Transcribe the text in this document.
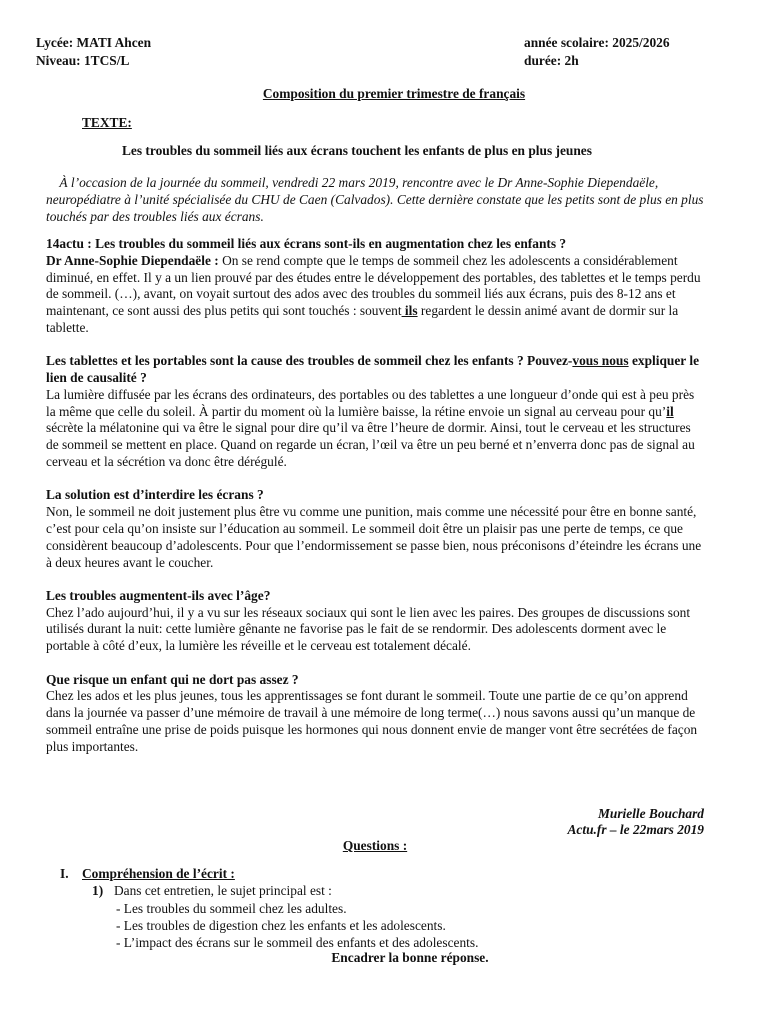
Lycée: MATI Ahcen
Niveau: 1TCS/L
année scolaire: 2025/2026
durée: 2h
Composition du premier trimestre de français
TEXTE:
Les troubles du sommeil liés aux écrans touchent les enfants de plus en plus jeunes
À l’occasion de la journée du sommeil, vendredi 22 mars 2019, rencontre avec le Dr Anne-Sophie Diependaële, neuropédiatre à l’unité spécialisée du CHU de Caen (Calvados). Cette dernière constate que les petits sont de plus en plus touchés par des troubles liés aux écrans.
14actu : Les troubles du sommeil liés aux écrans sont-ils en augmentation chez les enfants ?
Dr Anne-Sophie Diependaële : On se rend compte que le temps de sommeil chez les adolescents a considérablement diminué, en effet. Il y a un lien prouvé par des études entre le développement des portables, des tablettes et le temps perdu de sommeil. (…), avant, on voyait surtout des ados avec des troubles du sommeil liés aux écrans, puis des 8-12 ans et maintenant, ce sont aussi des plus petits qui sont touchés : souvent ils regardent le dessin animé avant de dormir sur la tablette.
Les tablettes et les portables sont la cause des troubles de sommeil chez les enfants ? Pouvez-vous nous expliquer le lien de causalité ?
La lumière diffusée par les écrans des ordinateurs, des portables ou des tablettes a une longueur d’onde qui est à peu près la même que celle du soleil. À partir du moment où la lumière baisse, la rétine envoie un signal au cerveau pour qu’il sécrète la mélatonine qui va être le signal pour dire qu’il va être l’heure de dormir. Ainsi, tout le cerveau et les structures de sommeil se mettent en place. Quand on regarde un écran, l’œil va être un peu berné et n’enverra donc pas de signal au cerveau et la sécrétion va donc être dérégulé.
La solution est d’interdire les écrans ?
Non, le sommeil ne doit justement plus être vu comme une punition, mais comme une nécessité pour être en bonne santé, c’est pour cela qu’on insiste sur l’éducation au sommeil. Le sommeil doit être un plaisir pas une perte de temps, ce que considèrent beaucoup d’adolescents. Pour que l’endormissement se passe bien, nous préconisons d’éteindre les écrans une à deux heures avant le coucher.
Les troubles augmentent-ils avec l’âge?
Chez l’ado aujourd’hui, il y a vu sur les réseaux sociaux qui sont le lien avec les paires. Des groupes de discussions sont utilisés durant la nuit: cette lumière gênante ne favorise pas le fait de se rendormir. Des adolescents dorment avec le portable à côté d’eux, la lumière les réveille et le cerveau est totalement décalé.
Que risque un enfant qui ne dort pas assez ?
Chez les ados et les plus jeunes, tous les apprentissages se font durant le sommeil. Toute une partie de ce qu’on apprend dans la journée va passer d’une mémoire de travail à une mémoire de long terme(…) nous savons aussi qu’un manque de sommeil entraîne une prise de poids puisque les hormones qui nous donnent envie de manger vont être secrétées de façon plus importantes.
Murielle Bouchard
Actu.fr – le 22mars 2019
Questions :
I. Compréhension de l’écrit :
1) Dans cet entretien, le sujet principal est :
- Les troubles du sommeil chez les adultes.
- Les troubles de digestion chez les enfants et les adolescents.
- L’impact des écrans sur le sommeil des enfants et des adolescents.
Encadrer la bonne réponse.
